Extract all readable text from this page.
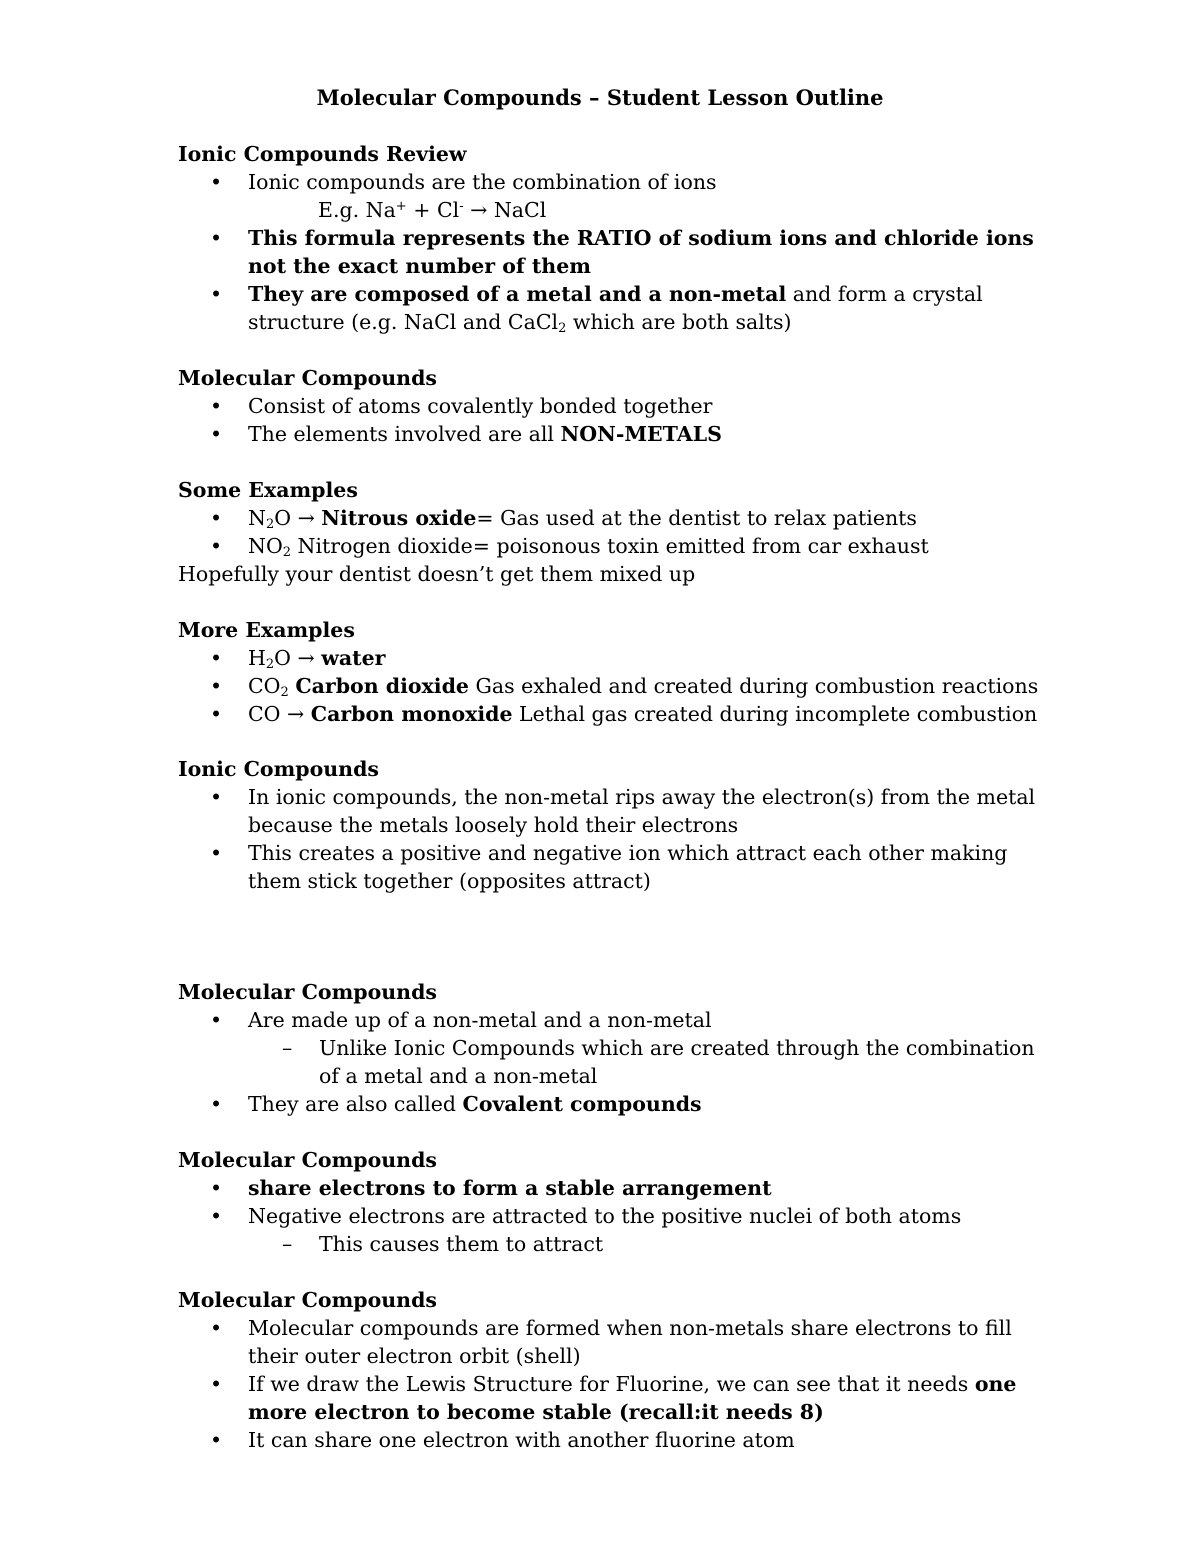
Molecular Compounds – Student Lesson Outline
Ionic Compounds Review
• Ionic compounds are the combination of ions
E.g. Na+ + Cl- → NaCl
• This formula represents the RATIO of sodium ions and chloride ions not the exact number of them
• They are composed of a metal and a non-metal and form a crystal structure (e.g. NaCl and CaCl$_2$ which are both salts)
Molecular Compounds
• Consist of atoms covalently bonded together
• The elements involved are all NON-METALS
Some Examples
• $N_2O$ → Nitrous oxide= Gas used at the dentist to relax patients
• $NO_2$ Nitrogen dioxide= poisonous toxin emitted from car exhaust
Hopefully your dentist doesn’t get them mixed up
More Examples
• $H_2O$ → water
• $CO_2$ Carbon dioxide Gas exhaled and created during combustion reactions
• CO → Carbon monoxide Lethal gas created during incomplete combustion
Ionic Compounds
• In ionic compounds, the non-metal rips away the electron(s) from the metal because the metals loosely hold their electrons
• This creates a positive and negative ion which attract each other making them stick together (opposites attract)
Molecular Compounds
• Are made up of a non-metal and a non-metal
– Unlike Ionic Compounds which are created through the combination of a metal and a non-metal
• They are also called Covalent compounds
Molecular Compounds
• share electrons to form a stable arrangement
• Negative electrons are attracted to the positive nuclei of both atoms
– This causes them to attract
Molecular Compounds
• Molecular compounds are formed when non-metals share electrons to fill their outer electron orbit (shell)
• If we draw the Lewis Structure for Fluorine, we can see that it needs one more electron to become stable (recall:it needs 8)
• It can share one electron with another fluorine atom
